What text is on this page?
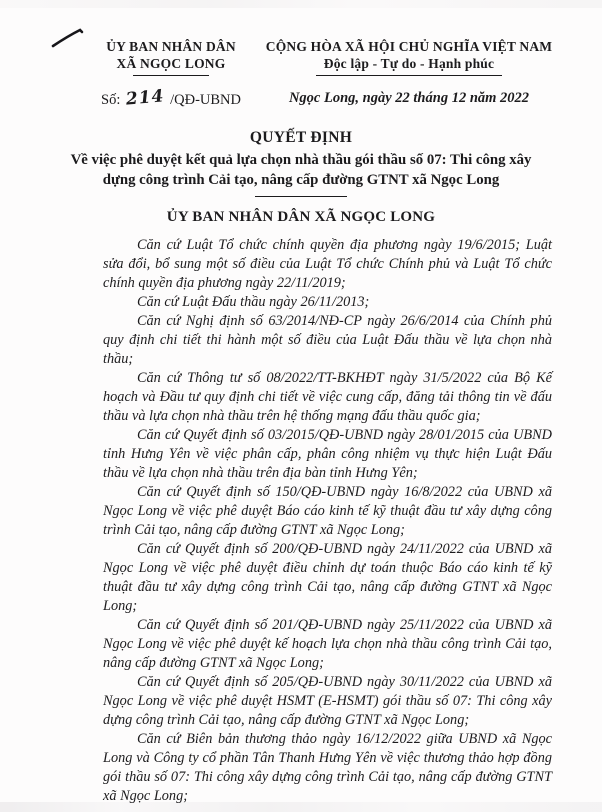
ỦY BAN NHÂN DÂN
XÃ NGỌC LONG
Số: 214 /QĐ-UBND
CỘNG HÒA XÃ HỘI CHỦ NGHĨA VIỆT NAM
Độc lập - Tự do - Hạnh phúc
Ngọc Long, ngày 22 tháng 12 năm 2022

QUYẾT ĐỊNH

Về việc phê duyệt kết quả lựa chọn nhà thầu gói thầu số 07: Thi công xây dựng công trình Cải tạo, nâng cấp đường GTNT xã Ngọc Long
ỦY BAN NHÂN DÂN XÃ NGỌC LONG

Căn cứ Luật Tổ chức chính quyền địa phương ngày 19/6/2015; Luật sửa đổi, bổ sung một số điều của Luật Tổ chức Chính phủ và Luật Tổ chức chính quyền địa phương ngày 22/11/2019;

Căn cứ Luật Đấu thầu ngày 26/11/2013;

Căn cứ Nghị định số 63/2014/NĐ-CP ngày 26/6/2014 của Chính phủ quy định chi tiết thi hành một số điều của Luật Đấu thầu về lựa chọn nhà thầu;

Căn cứ Thông tư số 08/2022/TT-BKHĐT ngày 31/5/2022 của Bộ Kế hoạch và Đầu tư quy định chi tiết về việc cung cấp, đăng tải thông tin về đấu thầu và lựa chọn nhà thầu trên hệ thống mạng đấu thầu quốc gia;

Căn cứ Quyết định số 03/2015/QĐ-UBND ngày 28/01/2015 của UBND tỉnh Hưng Yên về việc phân cấp, phân công nhiệm vụ thực hiện Luật Đấu thầu về lựa chọn nhà thầu trên địa bàn tỉnh Hưng Yên;

Căn cứ Quyết định số 150/QĐ-UBND ngày 16/8/2022 của UBND xã Ngọc Long về việc phê duyệt Báo cáo kinh tế kỹ thuật đầu tư xây dựng công trình Cải tạo, nâng cấp đường GTNT xã Ngọc Long;

Căn cứ Quyết định số 200/QĐ-UBND ngày 24/11/2022 của UBND xã Ngọc Long về việc phê duyệt điều chỉnh dự toán thuộc Báo cáo kinh tế kỹ thuật đầu tư xây dựng công trình Cải tạo, nâng cấp đường GTNT xã Ngọc Long;

Căn cứ Quyết định số 201/QĐ-UBND ngày 25/11/2022 của UBND xã Ngọc Long về việc phê duyệt kế hoạch lựa chọn nhà thầu công trình Cải tạo, nâng cấp đường GTNT xã Ngọc Long;

Căn cứ Quyết định số 205/QĐ-UBND ngày 30/11/2022 của UBND xã Ngọc Long về việc phê duyệt HSMT (E-HSMT) gói thầu số 07: Thi công xây dựng công trình Cải tạo, nâng cấp đường GTNT xã Ngọc Long;

Căn cứ Biên bản thương thảo ngày 16/12/2022 giữa UBND xã Ngọc Long và Công ty cổ phần Tân Thanh Hưng Yên về việc thương thảo hợp đồng gói thầu số 07: Thi công xây dựng công trình Cải tạo, nâng cấp đường GTNT xã Ngọc Long;
